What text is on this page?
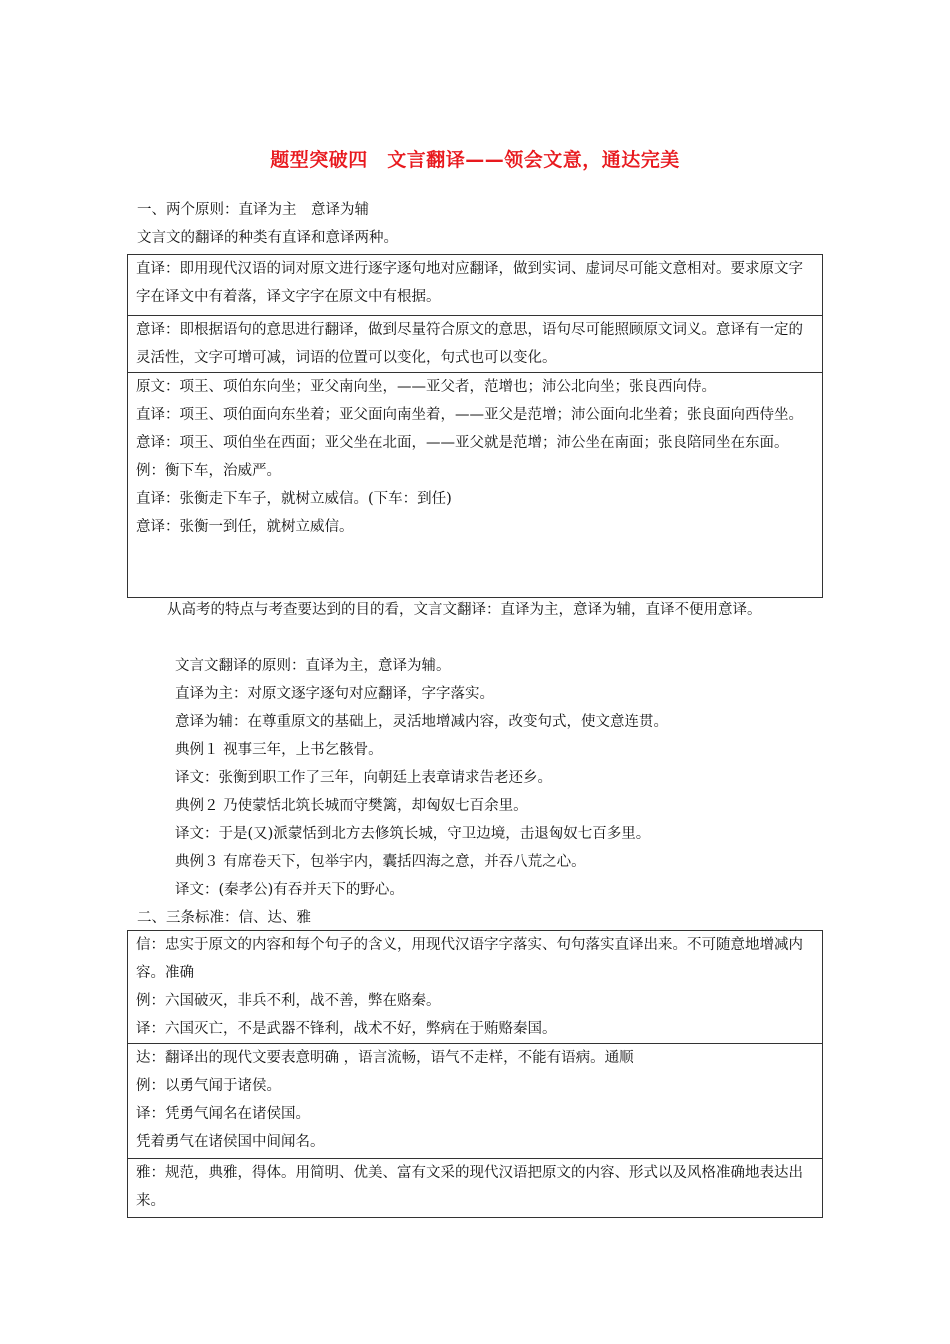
题型突破四　文言翻译——领会文意，通达完美
一、两个原则：直译为主　意译为辅
文言文的翻译的种类有直译和意译两种。

直译：即用现代汉语的词对原文进行逐字逐句地对应翻译，做到实词、虚词尽可能文意相对。要求原文字字在译文中有着落，译文字字在原文中有根据。

意译：即根据语句的意思进行翻译，做到尽量符合原文的意思，语句尽可能照顾原文词义。意译有一定的灵活性，文字可增可减，词语的位置可以变化，句式也可以变化。

原文：项王、项伯东向坐；亚父南向坐，——亚父者，范增也；沛公北向坐；张良西向侍。

直译：项王、项伯面向东坐着；亚父面向南坐着，——亚父是范增；沛公面向北坐着；张良面向西侍坐。

意译：项王、项伯坐在西面；亚父坐在北面，——亚父就是范增；沛公坐在南面；张良陪同坐在东面。

例：衡下车，治威严。

直译：张衡走下车子，就树立威信。(下车：到任)

意译：张衡一到任，就树立威信。

从高考的特点与考查要达到的目的看，文言文翻译：直译为主，意译为辅，直译不便用意译。
文言文翻译的原则：直译为主，意译为辅。
直译为主：对原文逐字逐句对应翻译，字字落实。
意译为辅：在尊重原文的基础上，灵活地增减内容，改变句式，使文意连贯。
典例１ 视事三年，上书乞骸骨。
译文：张衡到职工作了三年，向朝廷上表章请求告老还乡。
典例２ 乃使蒙恬北筑长城而守樊篱，却匈奴七百余里。
译文：于是(又)派蒙恬到北方去修筑长城，守卫边境，击退匈奴七百多里。
典例３ 有席卷天下，包举宇内，囊括四海之意，并吞八荒之心。
译文：(秦孝公)有吞并天下的野心。
二、三条标准：信、达、雅

信：忠实于原文的内容和每个句子的含义，用现代汉语字字落实、句句落实直译出来。不可随意地增减内容。准确

例：六国破灭，非兵不利，战不善，弊在赂秦。

译：六国灭亡，不是武器不锋利，战术不好，弊病在于贿赂秦国。

达：翻译出的现代文要表意明确 ，语言流畅，语气不走样，不能有语病。通顺

例：以勇气闻于诸侯。

译：凭勇气闻名在诸侯国。

凭着勇气在诸侯国中间闻名。

雅：规范，典雅，得体。用简明、优美、富有文采的现代汉语把原文的内容、形式以及风格准确地表达出来。
